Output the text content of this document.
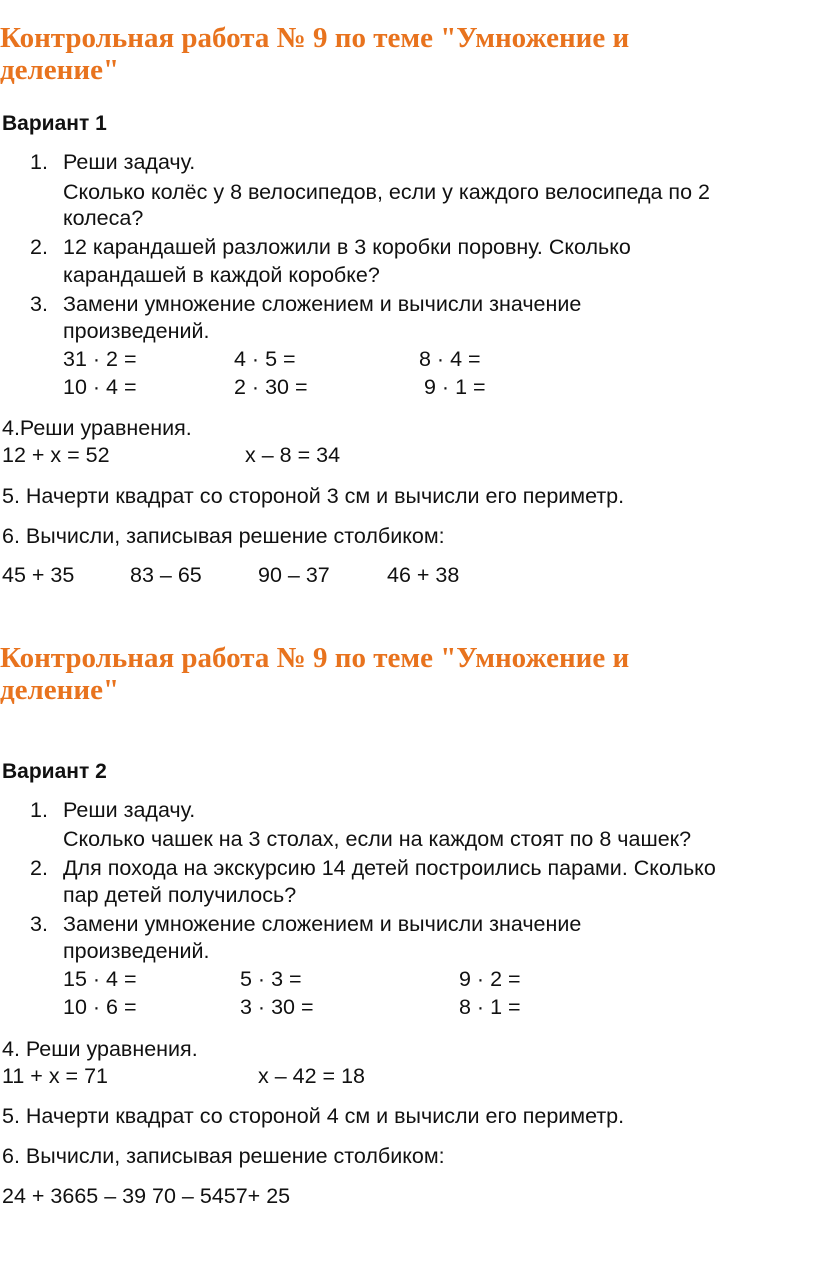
Контрольная работа № 9 по теме "Умножение и
деление"
Вариант 1
1. Реши задачу.
Сколько колёс у 8 велосипедов, если у каждого велосипеда по 2
колеса?
2. 12 карандашей разложили в 3 коробки поровну. Сколько
карандашей в каждой коробке?
3. Замени умножение сложением и вычисли значение
произведений.
31 · 2 =	4 · 5 =	8 · 4 =
10 · 4 =	2 · 30 =	9 · 1 =
4.Реши уравнения.
12 + x = 52	x – 8 = 34
5. Начерти квадрат со стороной 3 см и вычисли его периметр.
6. Вычисли, записывая решение столбиком:
45 + 35	83 – 65	90 – 37	46 + 38
Контрольная работа № 9 по теме "Умножение и
деление"
Вариант 2
1. Реши задачу.
Сколько чашек на 3 столах, если на каждом стоят по 8 чашек?
2. Для похода на экскурсию 14 детей построились парами. Сколько
пар детей получилось?
3. Замени умножение сложением и вычисли значение
произведений.
15 · 4 =	5 · 3 =	9 · 2 =
10 · 6 =	3 · 30 =	8 · 1 =
4. Реши уравнения.
11 + x = 71	x – 42 = 18
5. Начерти квадрат со стороной 4 см и вычисли его периметр.
6. Вычисли, записывая решение столбиком:
24 + 3665 – 39 70 – 5457+ 25
